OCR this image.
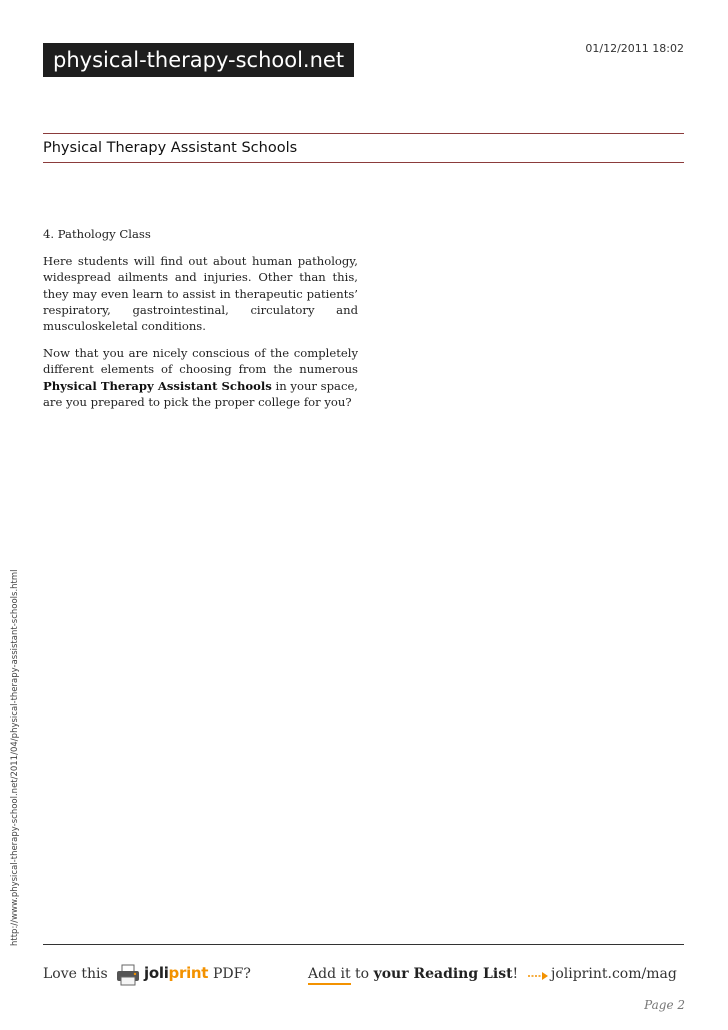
physical-therapy-school.net	01/12/2011 18:02
Physical Therapy Assistant Schools

4. Pathology Class

Here students will find out about human pathology, widespread ailments and injuries. Other than this, they may even learn to assist in therapeutic patients’ respiratory, gastrointestinal, circulatory and musculoskeletal conditions.

Now that you are nicely conscious of the completely different elements of choosing from the numerous Physical Therapy Assistant Schools in your space, are you prepared to pick the proper college for you?

http://www.physical-therapy-school.net/2011/04/physical-therapy-assistant-schools.html
Love this joliprint PDF?	Add it to your Reading List! joliprint.com/mag
Page 2
